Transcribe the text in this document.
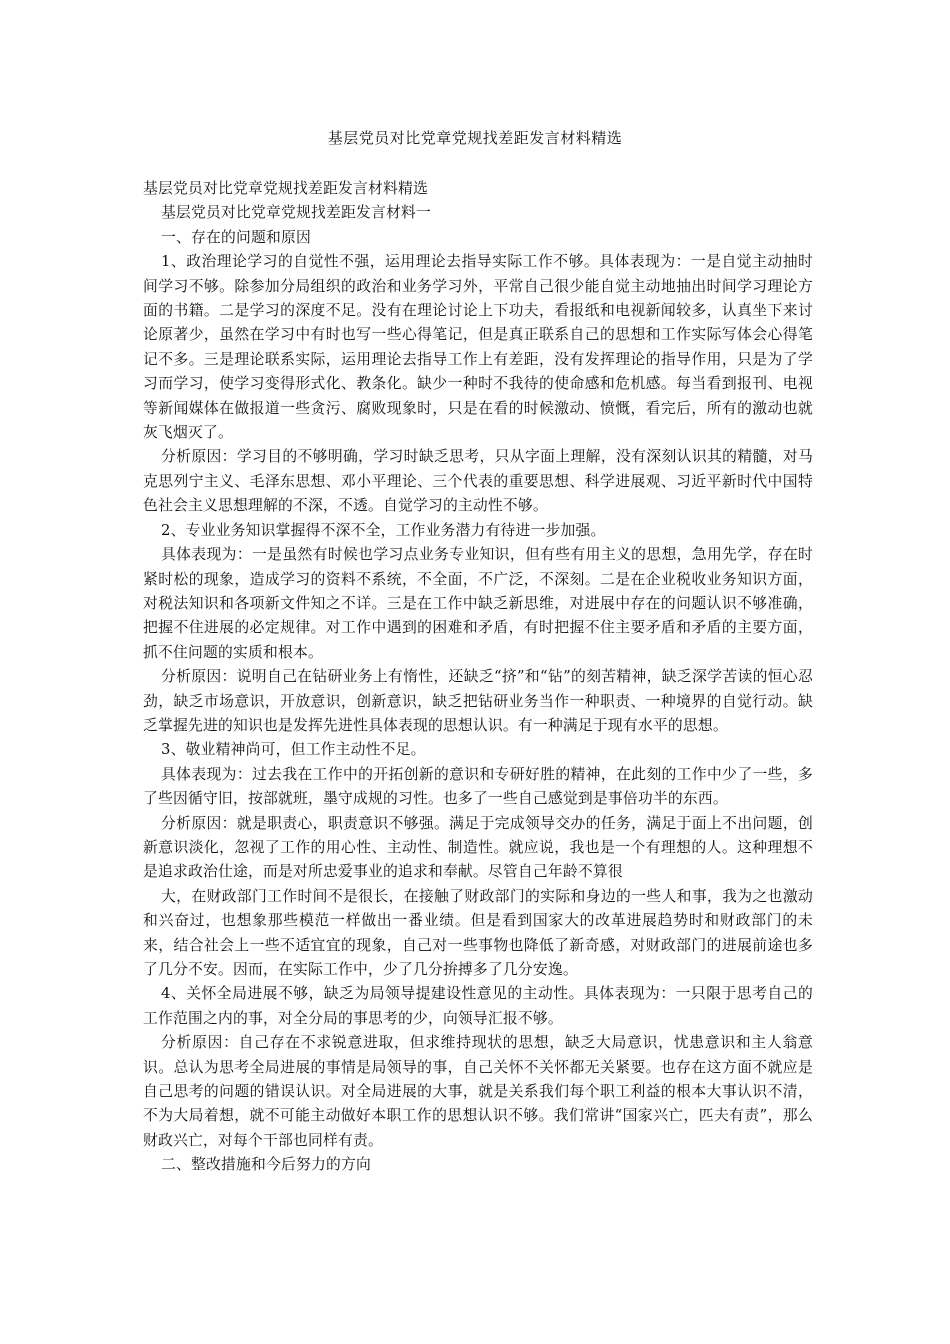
基层党员对比党章党规找差距发言材料精选

基层党员对比党章党规找差距发言材料精选

基层党员对比党章党规找差距发言材料一

一、存在的问题和原因

1、政治理论学习的自觉性不强，运用理论去指导实际工作不够。具体表现为：一是自觉主动抽时间学习不够。除参加分局组织的政治和业务学习外，平常自己很少能自觉主动地抽出时间学习理论方面的书籍。二是学习的深度不足。没有在理论讨论上下功夫，看报纸和电视新闻较多，认真坐下来讨论原著少，虽然在学习中有时也写一些心得笔记，但是真正联系自己的思想和工作实际写体会心得笔记不多。三是理论联系实际，运用理论去指导工作上有差距，没有发挥理论的指导作用，只是为了学习而学习，使学习变得形式化、教条化。缺少一种时不我待的使命感和危机感。每当看到报刊、电视等新闻媒体在做报道一些贪污、腐败现象时，只是在看的时候激动、愤慨，看完后，所有的激动也就灰飞烟灭了。

分析原因：学习目的不够明确，学习时缺乏思考，只从字面上理解，没有深刻认识其的精髓，对马克思列宁主义、毛泽东思想、邓小平理论、三个代表的重要思想、科学进展观、习近平新时代中国特色社会主义思想理解的不深，不透。自觉学习的主动性不够。

2、专业业务知识掌握得不深不全，工作业务潜力有待进一步加强。

具体表现为：一是虽然有时候也学习点业务专业知识，但有些有用主义的思想，急用先学，存在时紧时松的现象，造成学习的资料不系统，不全面，不广泛，不深刻。二是在企业税收业务知识方面，对税法知识和各项新文件知之不详。三是在工作中缺乏新思维，对进展中存在的问题认识不够准确，把握不住进展的必定规律。对工作中遇到的困难和矛盾，有时把握不住主要矛盾和矛盾的主要方面，抓不住问题的实质和根本。

分析原因：说明自己在钻研业务上有惰性，还缺乏“挤”和“钻”的刻苦精神，缺乏深学苦读的恒心忍劲，缺乏市场意识，开放意识，创新意识，缺乏把钻研业务当作一种职责、一种境界的自觉行动。缺乏掌握先进的知识也是发挥先进性具体表现的思想认识。有一种满足于现有水平的思想。

3、敬业精神尚可，但工作主动性不足。

具体表现为：过去我在工作中的开拓创新的意识和专研好胜的精神，在此刻的工作中少了一些，多了些因循守旧，按部就班，墨守成规的习性。也多了一些自己感觉到是事倍功半的东西。

分析原因：就是职责心，职责意识不够强。满足于完成领导交办的任务，满足于面上不出问题，创新意识淡化，忽视了工作的用心性、主动性、制造性。就应说，我也是一个有理想的人。这种理想不是追求政治仕途，而是对所忠爱事业的追求和奉献。尽管自己年龄不算很

大，在财政部门工作时间不是很长，在接触了财政部门的实际和身边的一些人和事，我为之也激动和兴奋过，也想象那些模范一样做出一番业绩。但是看到国家大的改革进展趋势时和财政部门的未来，结合社会上一些不适宜宜的现象，自己对一些事物也降低了新奇感，对财政部门的进展前途也多了几分不安。因而，在实际工作中，少了几分拚搏多了几分安逸。

4、关怀全局进展不够，缺乏为局领导提建设性意见的主动性。具体表现为：一只限于思考自己的工作范围之内的事，对全分局的事思考的少，向领导汇报不够。

分析原因：自己存在不求锐意进取，但求维持现状的思想，缺乏大局意识，忧患意识和主人翁意识。总认为思考全局进展的事情是局领导的事，自己关怀不关怀都无关紧要。也存在这方面不就应是自己思考的问题的错误认识。对全局进展的大事，就是关系我们每个职工利益的根本大事认识不清，不为大局着想，就不可能主动做好本职工作的思想认识不够。我们常讲“国家兴亡，匹夫有责”，那么财政兴亡，对每个干部也同样有责。

二、整改措施和今后努力的方向
